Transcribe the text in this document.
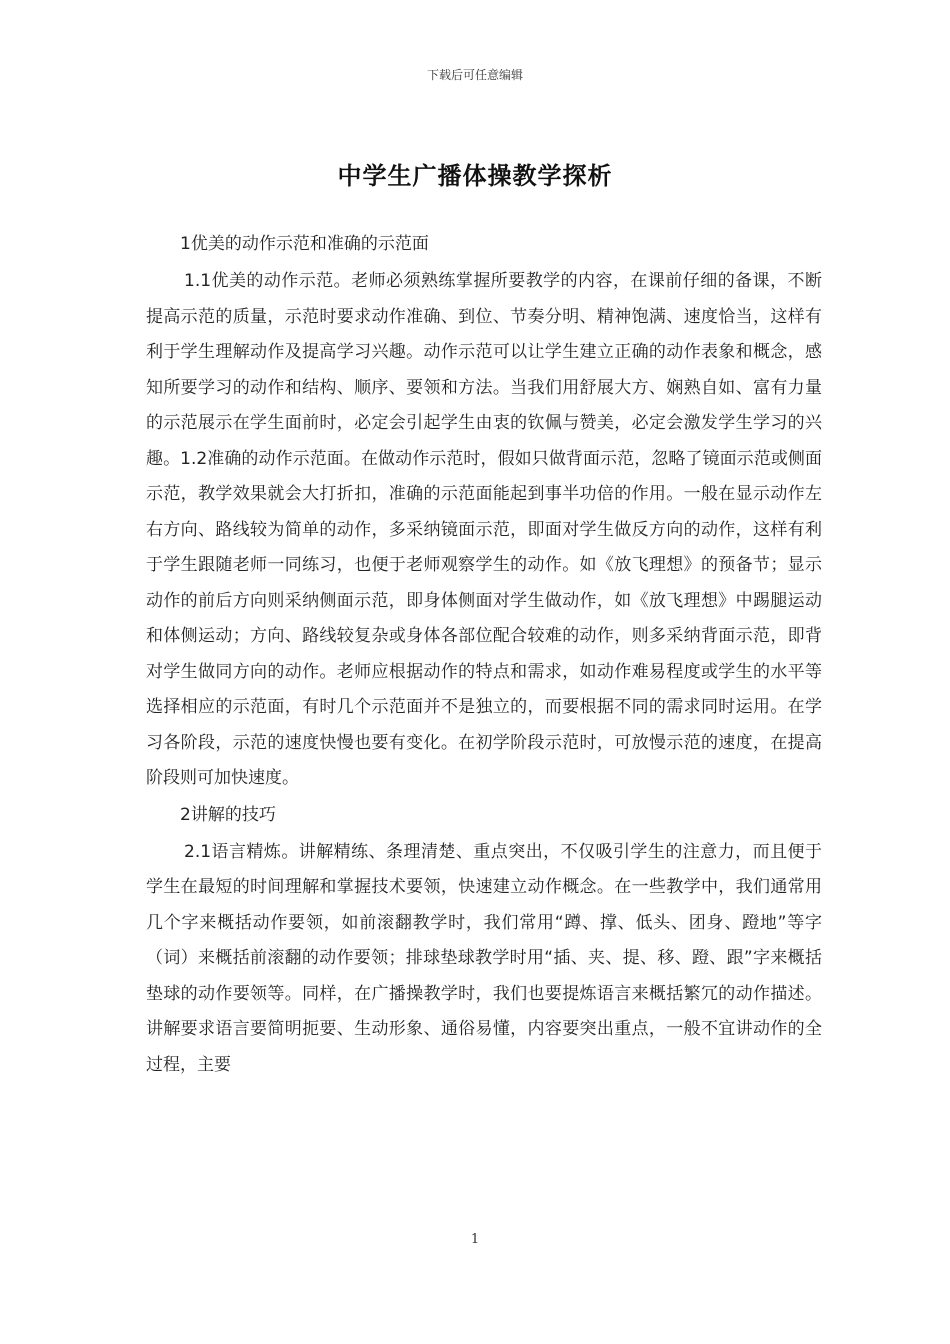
下载后可任意编辑
中学生广播体操教学探析
1优美的动作示范和准确的示范面
1.1优美的动作示范。老师必须熟练掌握所要教学的内容，在课前仔细的备课，不断提高示范的质量，示范时要求动作准确、到位、节奏分明、精神饱满、速度恰当，这样有利于学生理解动作及提高学习兴趣。动作示范可以让学生建立正确的动作表象和概念，感知所要学习的动作和结构、顺序、要领和方法。当我们用舒展大方、娴熟自如、富有力量的示范展示在学生面前时，必定会引起学生由衷的钦佩与赞美，必定会激发学生学习的兴趣。1.2准确的动作示范面。在做动作示范时，假如只做背面示范，忽略了镜面示范或侧面示范，教学效果就会大打折扣，准确的示范面能起到事半功倍的作用。一般在显示动作左右方向、路线较为简单的动作，多采纳镜面示范，即面对学生做反方向的动作，这样有利于学生跟随老师一同练习，也便于老师观察学生的动作。如《放飞理想》的预备节；显示动作的前后方向则采纳侧面示范，即身体侧面对学生做动作，如《放飞理想》中踢腿运动和体侧运动；方向、路线较复杂或身体各部位配合较难的动作，则多采纳背面示范，即背对学生做同方向的动作。老师应根据动作的特点和需求，如动作难易程度或学生的水平等选择相应的示范面，有时几个示范面并不是独立的，而要根据不同的需求同时运用。在学习各阶段，示范的速度快慢也要有变化。在初学阶段示范时，可放慢示范的速度，在提高阶段则可加快速度。
2讲解的技巧
2.1语言精炼。讲解精练、条理清楚、重点突出，不仅吸引学生的注意力，而且便于学生在最短的时间理解和掌握技术要领，快速建立动作概念。在一些教学中，我们通常用几个字来概括动作要领，如前滚翻教学时，我们常用“蹲、撑、低头、团身、蹬地”等字（词）来概括前滚翻的动作要领；排球垫球教学时用“插、夹、提、移、蹬、跟”字来概括垫球的动作要领等。同样，在广播操教学时，我们也要提炼语言来概括繁冗的动作描述。讲解要求语言要简明扼要、生动形象、通俗易懂，内容要突出重点，一般不宜讲动作的全过程，主要
1
